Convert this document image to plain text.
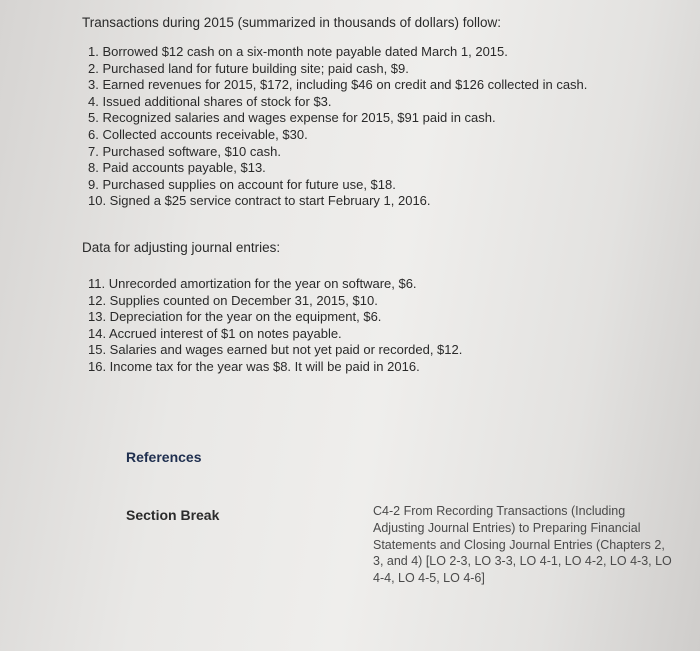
Transactions during 2015 (summarized in thousands of dollars) follow:
1. Borrowed $12 cash on a six-month note payable dated March 1, 2015.
2. Purchased land for future building site; paid cash, $9.
3. Earned revenues for 2015, $172, including $46 on credit and $126 collected in cash.
4. Issued additional shares of stock for $3.
5. Recognized salaries and wages expense for 2015, $91 paid in cash.
6. Collected accounts receivable, $30.
7. Purchased software, $10 cash.
8. Paid accounts payable, $13.
9. Purchased supplies on account for future use, $18.
10. Signed a $25 service contract to start February 1, 2016.
Data for adjusting journal entries:
11. Unrecorded amortization for the year on software, $6.
12. Supplies counted on December 31, 2015, $10.
13. Depreciation for the year on the equipment, $6.
14. Accrued interest of $1 on notes payable.
15. Salaries and wages earned but not yet paid or recorded, $12.
16. Income tax for the year was $8. It will be paid in 2016.
References
Section Break	C4-2 From Recording Transactions (Including Adjusting Journal Entries) to Preparing Financial Statements and Closing Journal Entries (Chapters 2, 3, and 4) [LO 2-3, LO 3-3, LO 4-1, LO 4-2, LO 4-3, LO 4-4, LO 4-5, LO 4-6]
